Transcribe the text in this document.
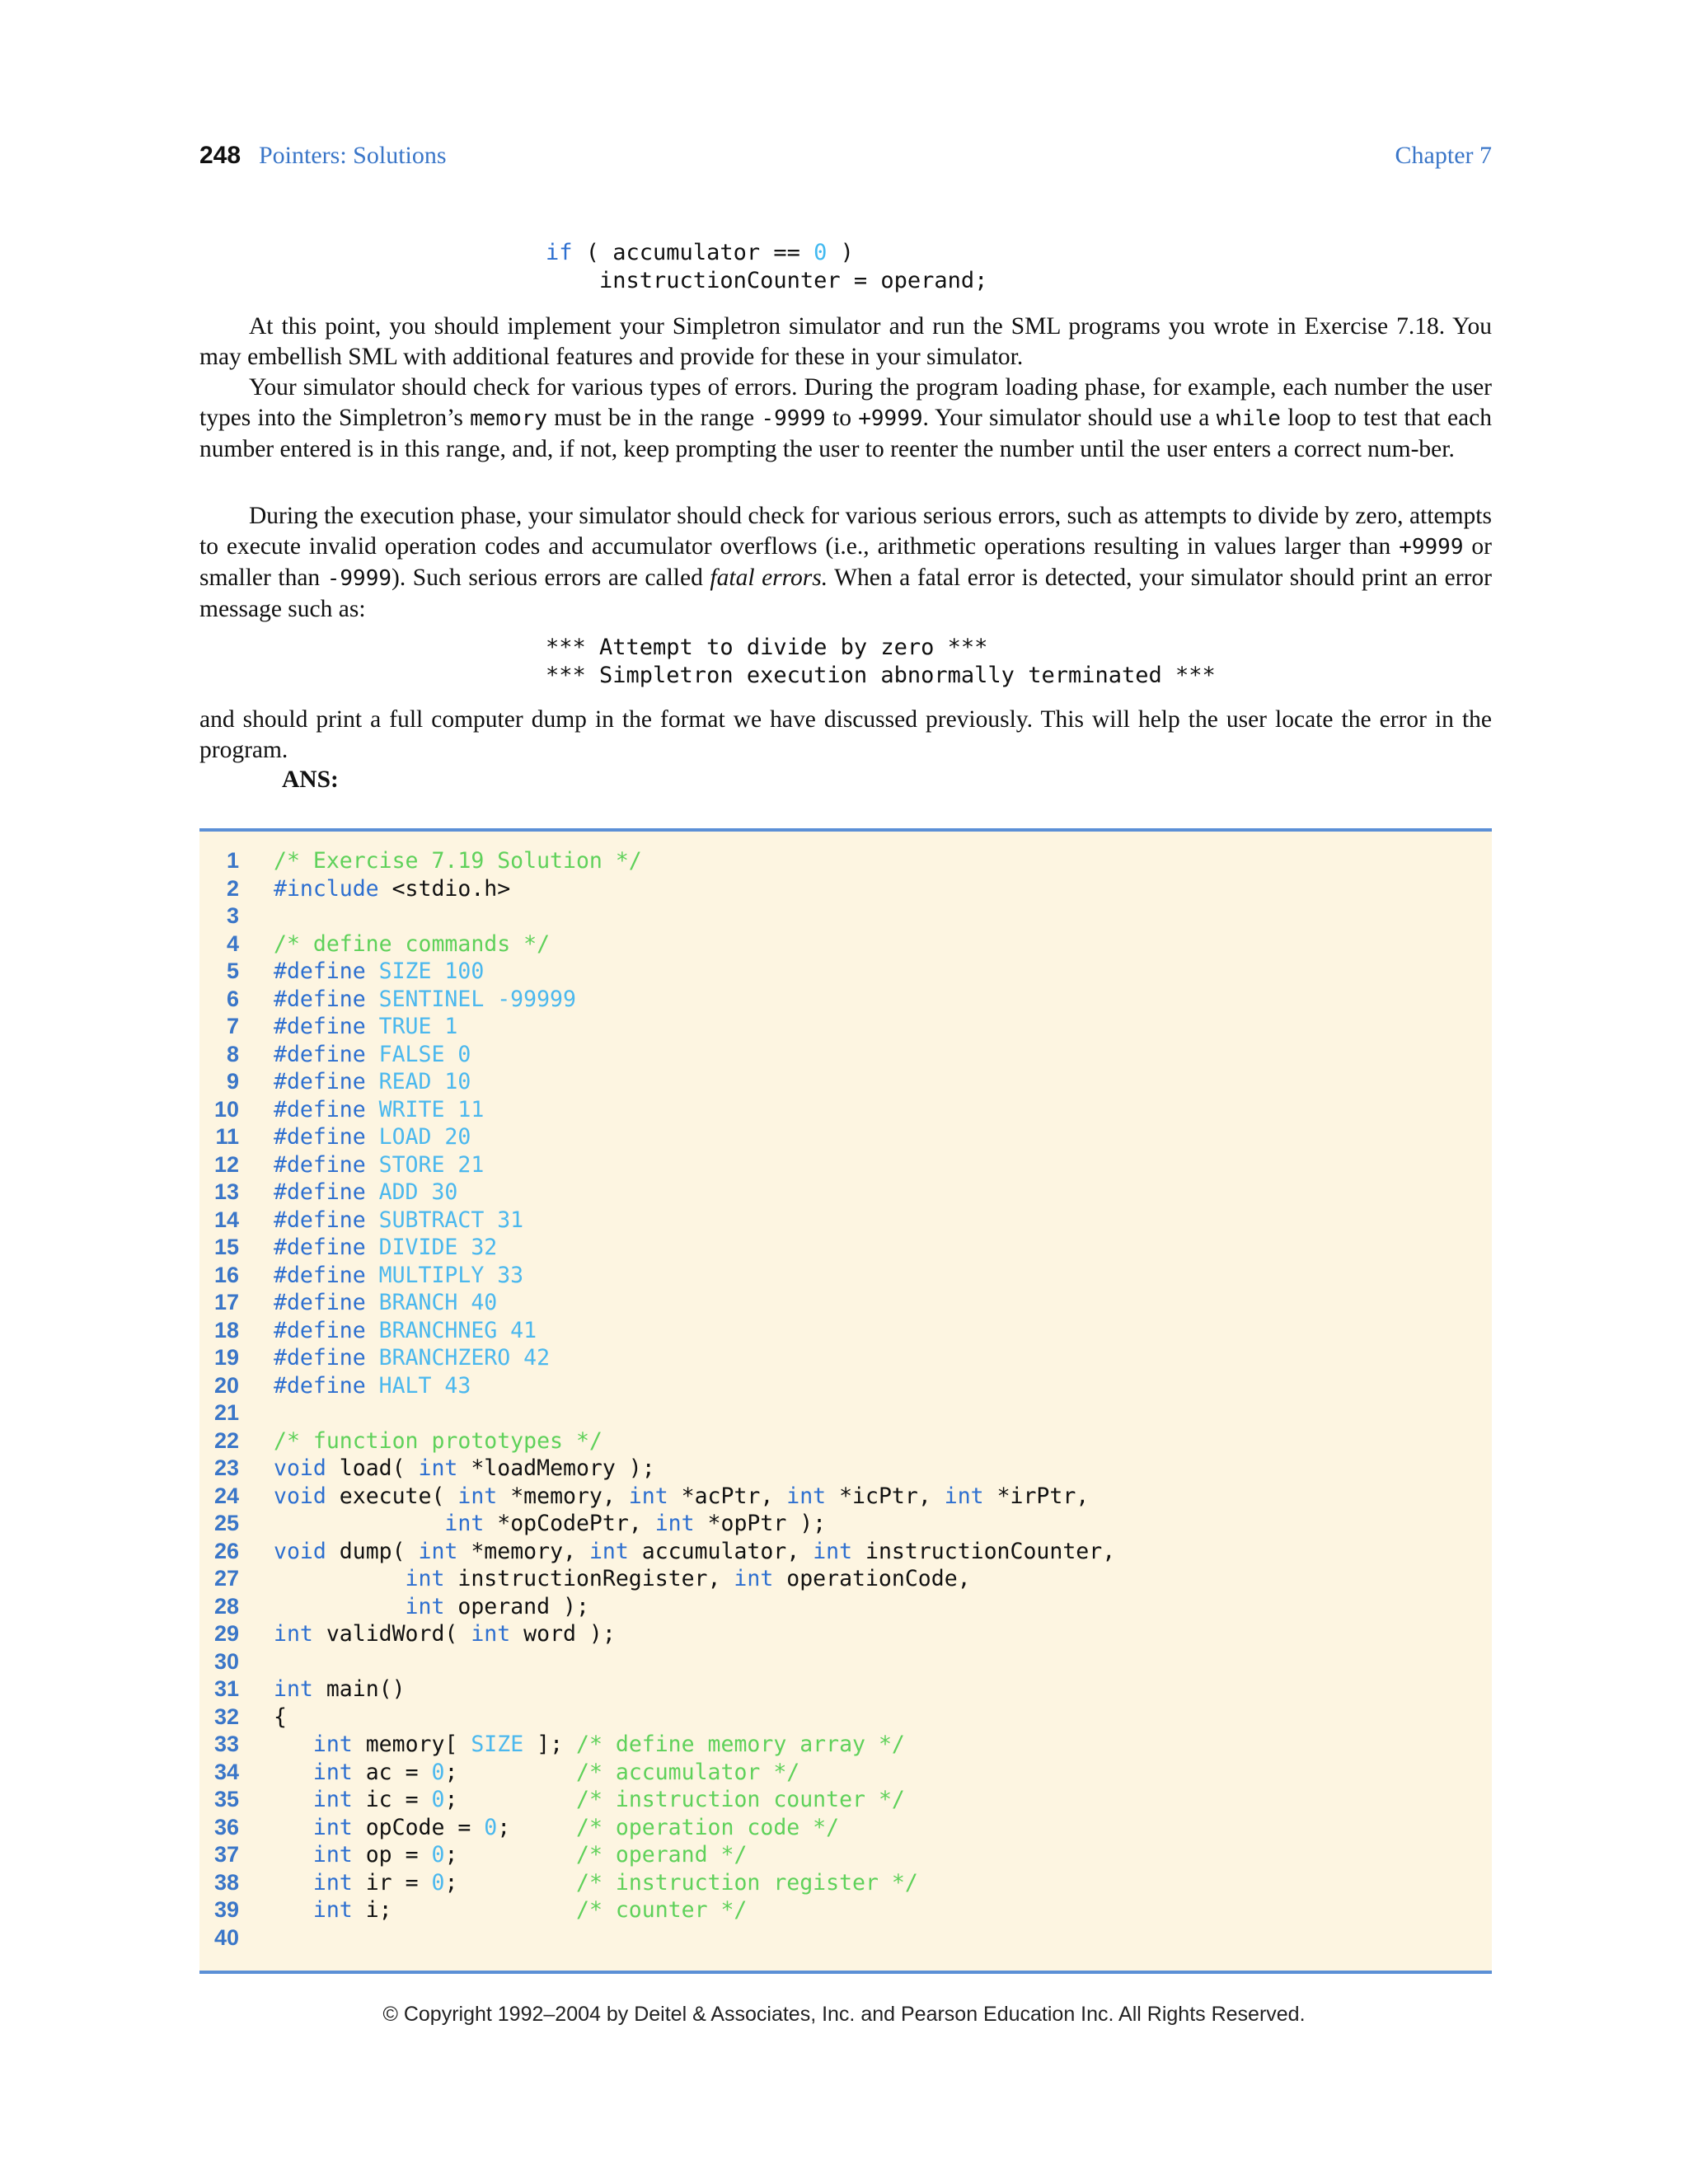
248 Pointers: Solutions	Chapter 7
if ( accumulator == 0 )
instructionCounter = operand;

At this point, you should implement your Simpletron simulator and run the SML programs you wrote in Exercise 7.18. You may embellish SML with additional features and provide for these in your simulator.

Your simulator should check for various types of errors. During the program loading phase, for example, each number the user types into the Simpletron’s memory must be in the range -9999 to +9999. Your simulator should use a while loop to test that each number entered is in this range, and, if not, keep prompting the user to reenter the number until the user enters a correct num-ber.

During the execution phase, your simulator should check for various serious errors, such as attempts to divide by zero, attempts to execute invalid operation codes and accumulator overflows (i.e., arithmetic operations resulting in values larger than +9999 or smaller than -9999). Such serious errors are called fatal errors. When a fatal error is detected, your simulator should print an error message such as:

*** Attempt to divide by zero ***
*** Simpletron execution abnormally terminated ***

and should print a full computer dump in the format we have discussed previously. This will help the user locate the error in the program.

ANS:
1 /* Exercise 7.19 Solution */
2 #include <stdio.h>
3
4 /* define commands */
5 #define SIZE 100
6 #define SENTINEL -99999
7 #define TRUE 1
8 #define FALSE 0
9 #define READ 10
10 #define WRITE 11
11 #define LOAD 20
12 #define STORE 21
13 #define ADD 30
14 #define SUBTRACT 31
15 #define DIVIDE 32
16 #define MULTIPLY 33
17 #define BRANCH 40
18 #define BRANCHNEG 41
19 #define BRANCHZERO 42
20 #define HALT 43
21
22 /* function prototypes */
23 void load( int *loadMemory );
24 void execute( int *memory, int *acPtr, int *icPtr, int *irPtr,
25	int *opCodePtr, int *opPtr );
26 void dump( int *memory, int accumulator, int instructionCounter,
27	int instructionRegister, int operationCode,
28	int operand );
29 int validWord( int word );
30
31 int main()
32 {
33	int memory[ SIZE ]; /* define memory array */
34	int ac = 0;         /* accumulator */
35	int ic = 0;         /* instruction counter */
36	int opCode = 0;     /* operation code */
37	int op = 0;         /* operand */
38	int ir = 0;         /* instruction register */
39	int i;              /* counter */
40
© Copyright 1992–2004 by Deitel & Associates, Inc. and Pearson Education Inc. All Rights Reserved.
